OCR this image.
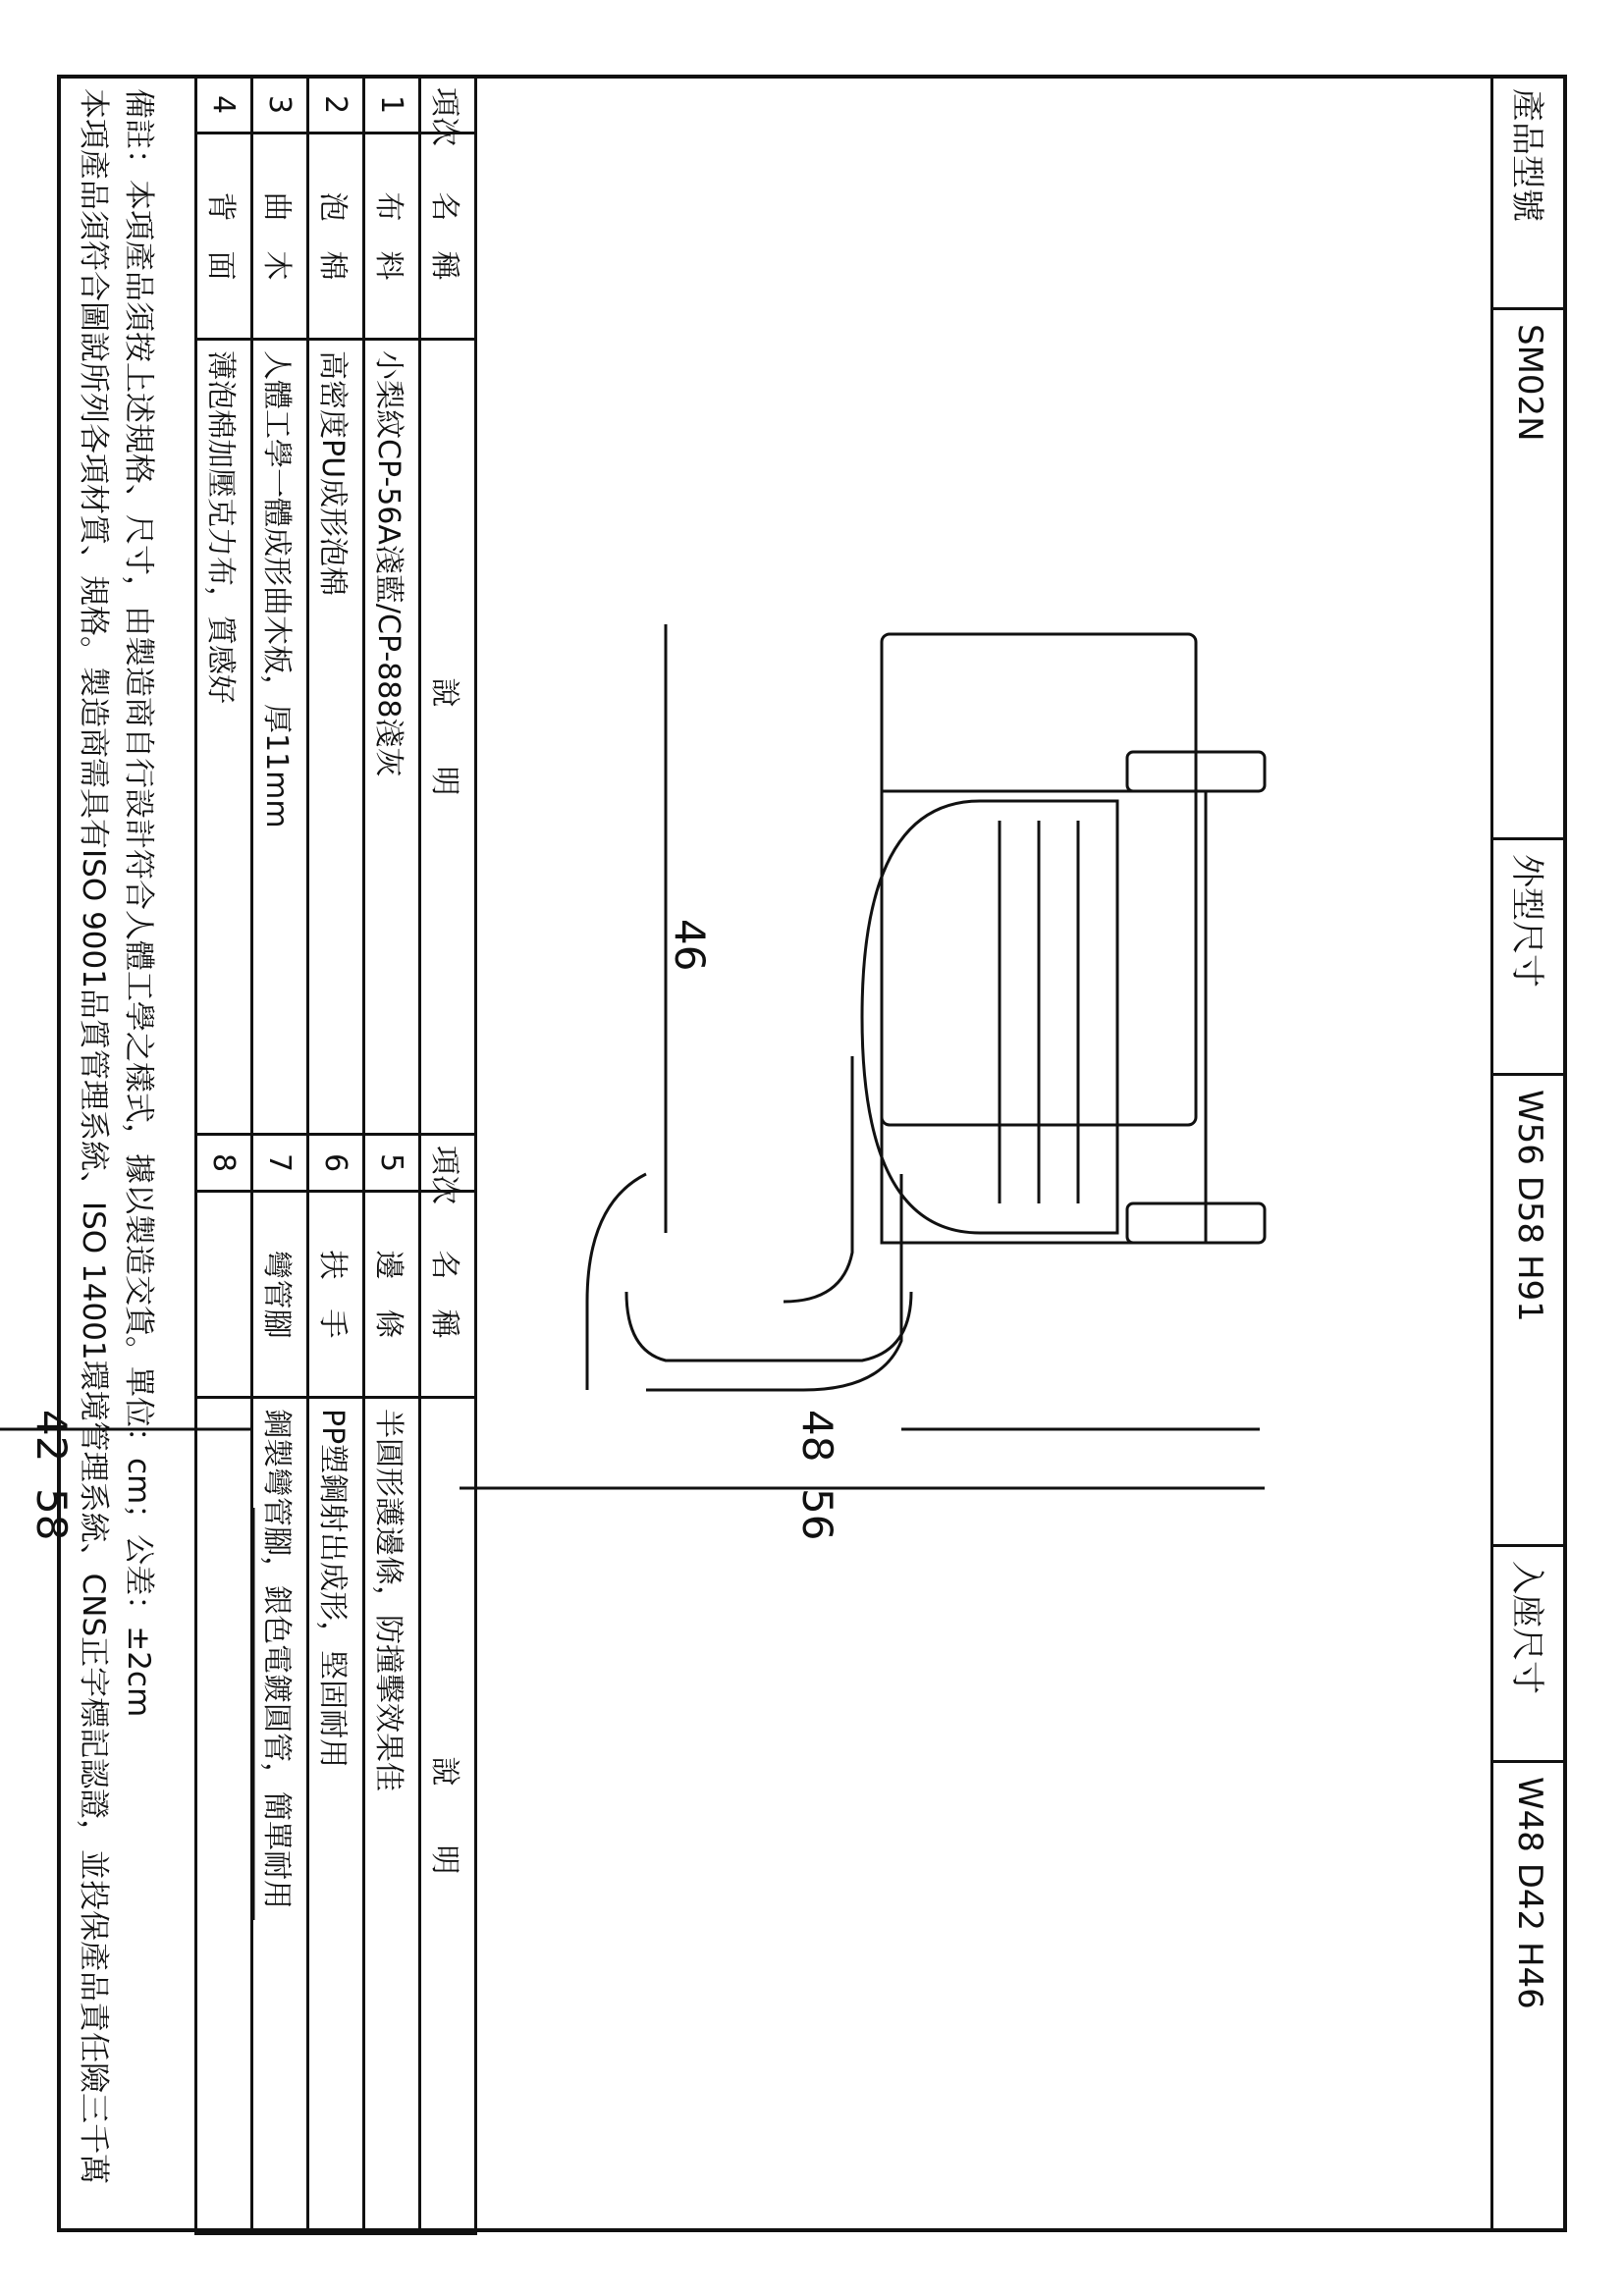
產品型號
SM02N
外型尺寸
W56 D58 H91
入座尺寸
W48 D42 H46
56
48
46
58
42
項次	名　稱	說　　明	項次	名　稱	說　　明
1	布　料	小梨紋CP-56A淺藍/CP-888淺灰	5	邊　條	半圓形護邊條，防撞擊效果佳
2	泡　棉	高密度PU成形泡棉	6	扶　手	PP塑鋼射出成形，堅固耐用
3	曲　木	人體工學一體成形曲木板，厚11mm	7	彎管腳	鋼製彎管腳，銀色電鍍圓管，簡單耐用
4	背　面	薄泡棉加壓克力布，質感好	8		
備註：本項產品須按上述規格、尺寸，由製造商自行設計符合人體工學之樣式，據以製造交貨。單位：cm；公差：±2cm
本項產品須符合圖說所列各項材質、規格。製造商需具有ISO 9001品質管理系統、ISO 14001環境管理系統、CNS正字標記認證，並投保產品責任險三千萬
